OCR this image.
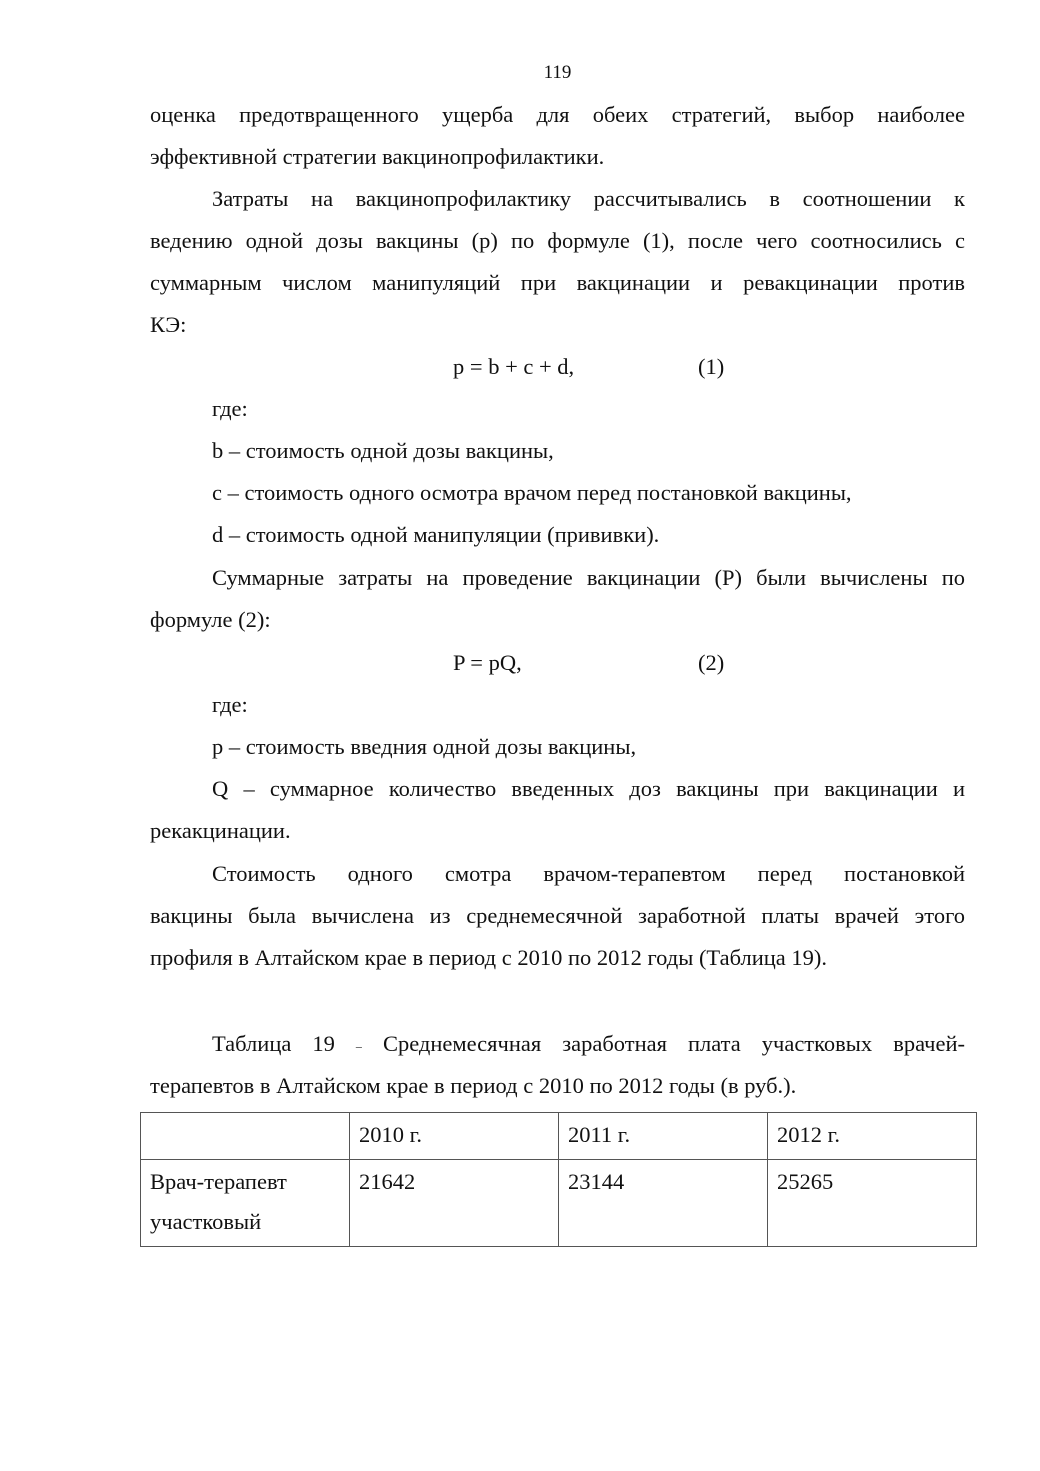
119
оценка предотвращенного ущерба для обеих стратегий, выбор наиболее
эффективной стратегии вакцинопрофилактики.
Затраты на вакцинопрофилактику рассчитывались в соотношении к
ведению одной дозы вакцины (p) по формуле (1), после чего соотносились с
суммарным числом манипуляций при вакцинации и ревакцинации против
КЭ:
p = b + c + d,	(1)
где:
b – стоимость одной дозы вакцины,
c – стоимость одного осмотра врачом перед постановкой вакцины,
d – стоимость одной манипуляции (прививки).
Суммарные затраты на проведение вакцинации (P) были вычислены по
формуле (2):
P = pQ,	(2)
где:
p – стоимость введния одной дозы вакцины,
Q – суммарное количество введенных доз вакцины при вакцинации и
рекакцинации.
Стоимость одного смотра врачом-терапевтом перед постановкой
вакцины была вычислена из среднемесячной заработной платы врачей этого
профиля в Алтайском крае в период с 2010 по 2012 годы (Таблица 19).
Таблица 19 – Среднемесячная заработная плата участковых врачей-
терапевтов в Алтайском крае в период с 2010 по 2012 годы (в руб.).
	2010 г.	2011 г.	2012 г.

Врач-терапевт
участковый	21642	23144	25265
